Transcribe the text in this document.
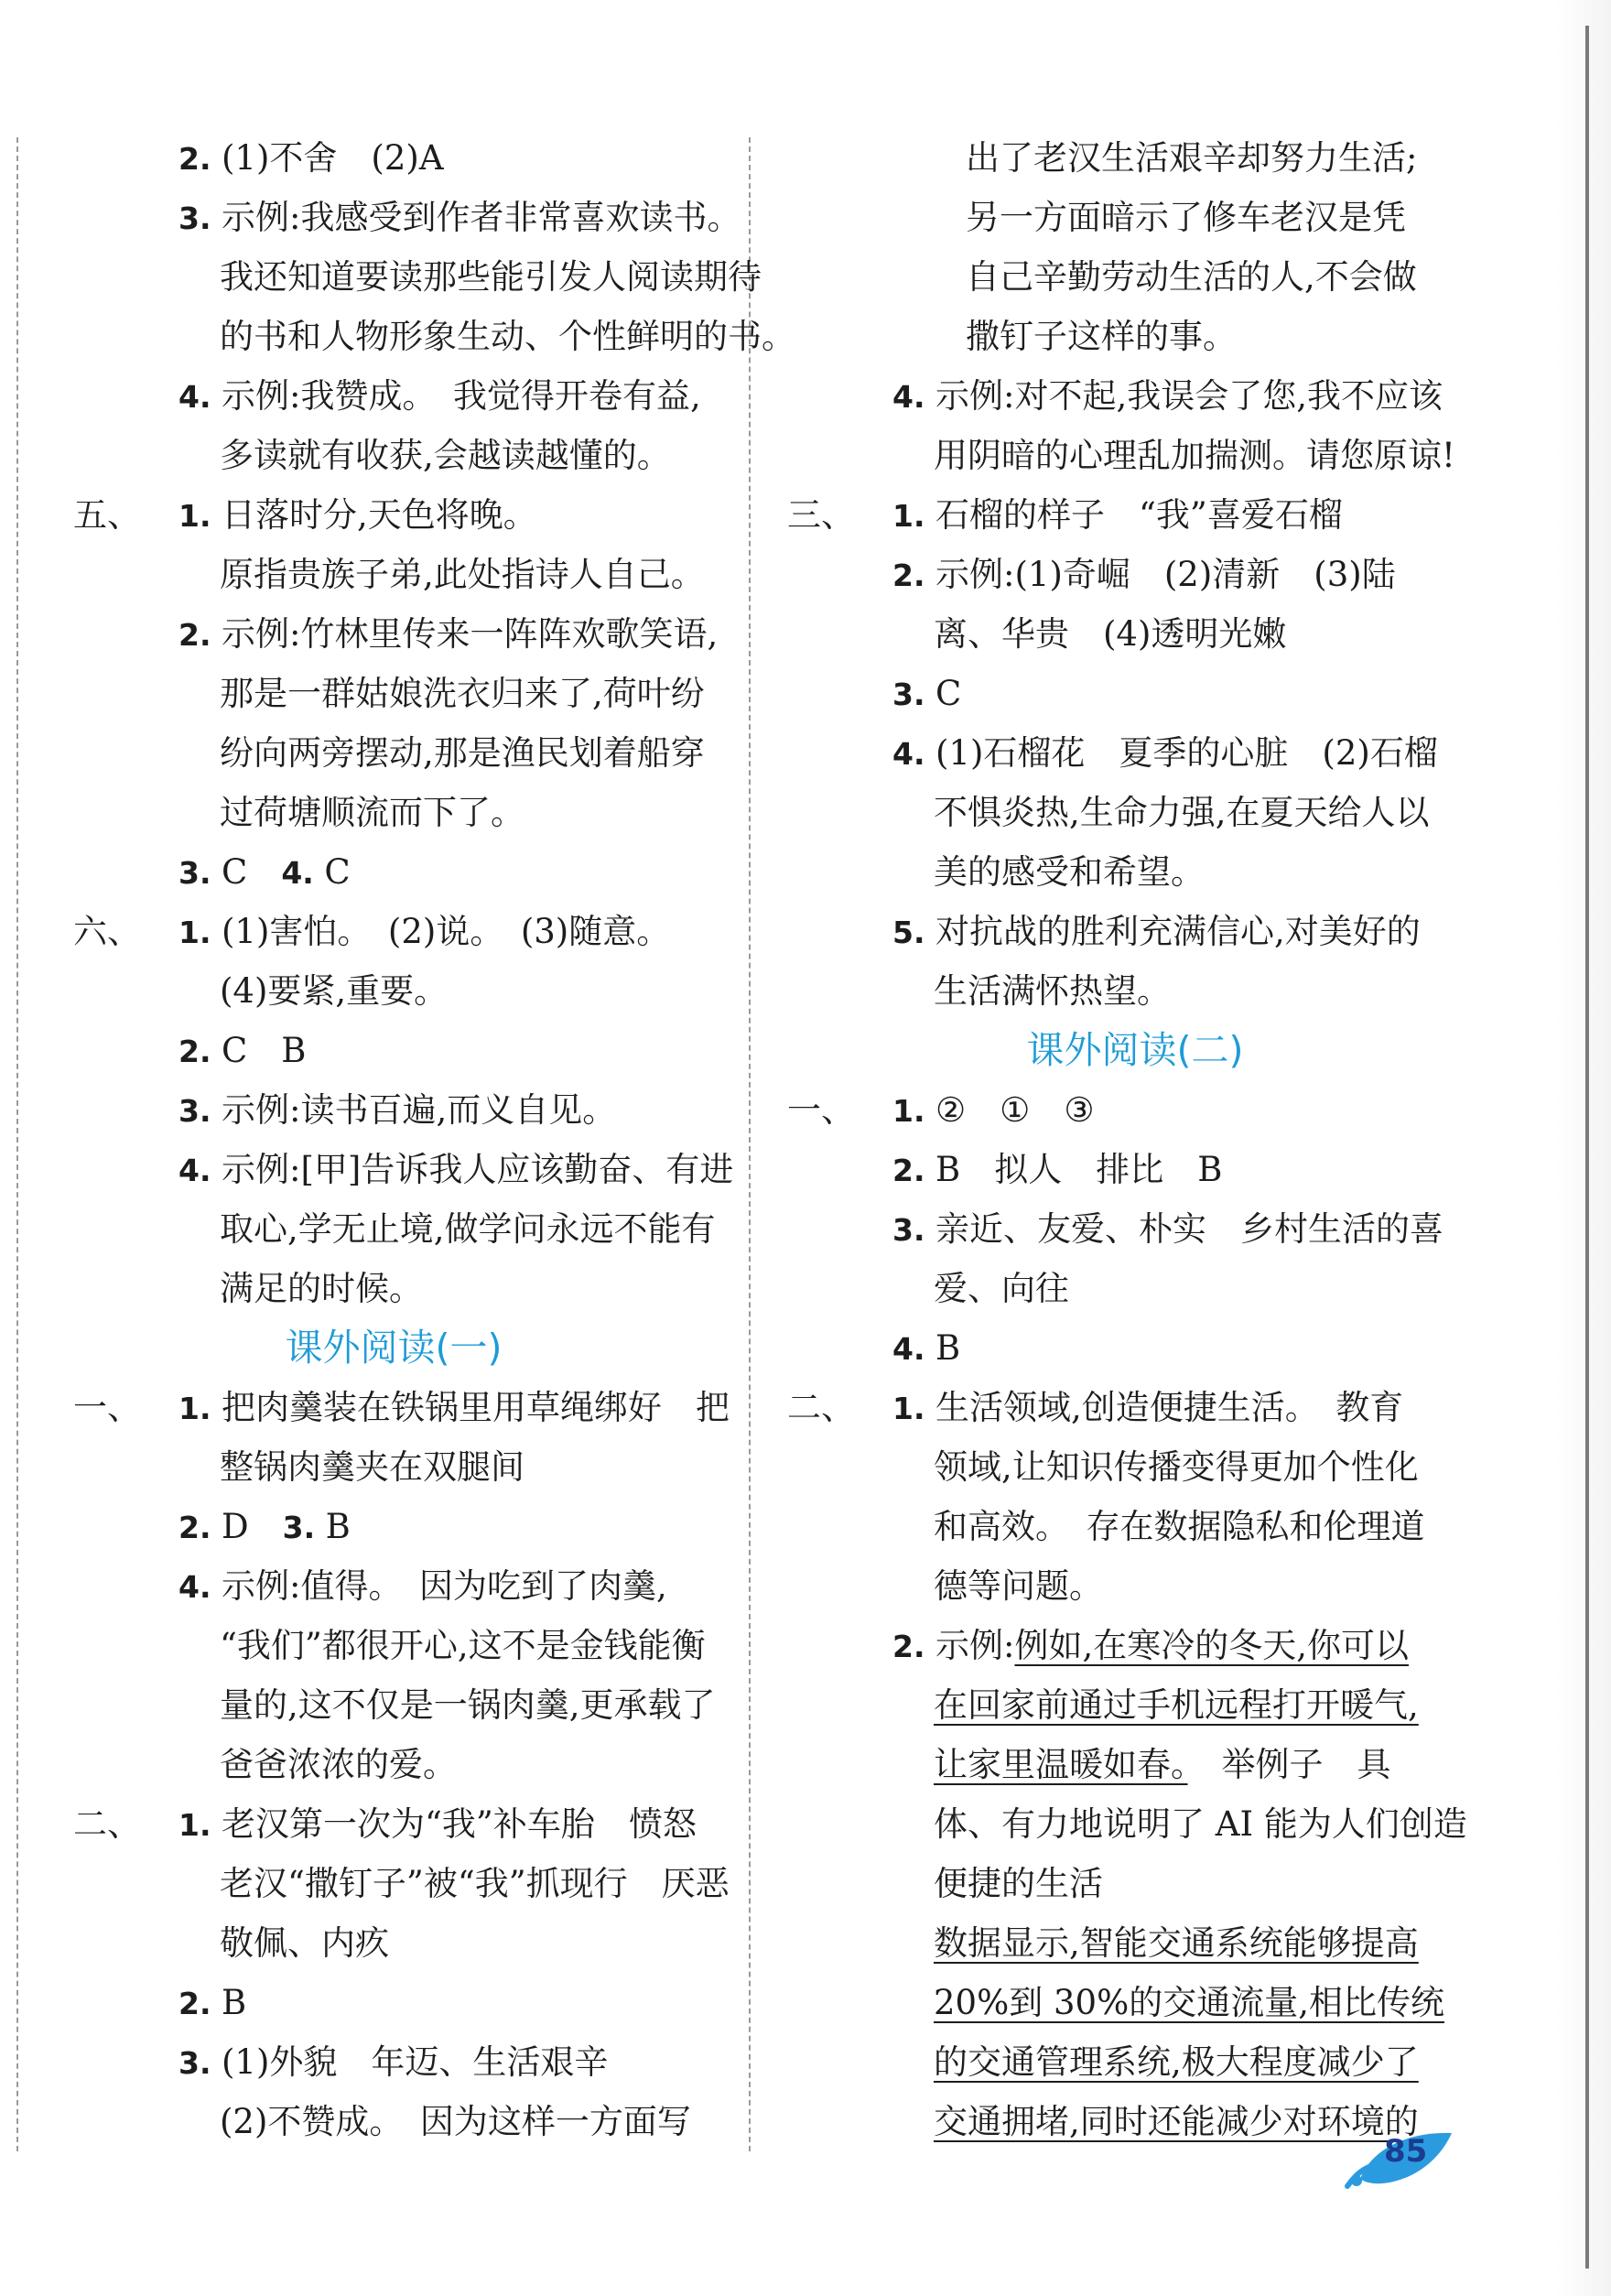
2. (1)不舍　(2)A
3. 示例:我感受到作者非常喜欢读书。
我还知道要读那些能引发人阅读期待
的书和人物形象生动、个性鲜明的书。
4. 示例:我赞成。　我觉得开卷有益,
多读就有收获,会越读越懂的。
五、 1. 日落时分,天色将晚。
原指贵族子弟,此处指诗人自己。
2. 示例:竹林里传来一阵阵欢歌笑语,
那是一群姑娘洗衣归来了,荷叶纷
纷向两旁摆动,那是渔民划着船穿
过荷塘顺流而下了。
3. C　4. C
六、 1. (1)害怕。　(2)说。　(3)随意。
(4)要紧,重要。
2. C　B
3. 示例:读书百遍,而义自见。
4. 示例:[甲]告诉我人应该勤奋、有进
取心,学无止境,做学问永远不能有
满足的时候。
课外阅读(一)
一、 1. 把肉羹装在铁锅里用草绳绑好　把
整锅肉羹夹在双腿间
2. D　3. B
4. 示例:值得。　因为吃到了肉羹,
“我们”都很开心,这不是金钱能衡
量的,这不仅是一锅肉羹,更承载了
爸爸浓浓的爱。
二、 1. 老汉第一次为“我”补车胎　愤怒
老汉“撒钉子”被“我”抓现行　厌恶
敬佩、内疚
2. B
3. (1)外貌　年迈、生活艰辛
(2)不赞成。　因为这样一方面写
出了老汉生活艰辛却努力生活;
另一方面暗示了修车老汉是凭
自己辛勤劳动生活的人,不会做
撒钉子这样的事。
4. 示例:对不起,我误会了您,我不应该
用阴暗的心理乱加揣测。请您原谅!
三、 1. 石榴的样子　“我”喜爱石榴
2. 示例:(1)奇崛　(2)清新　(3)陆
离、华贵　(4)透明光嫩
3. C
4. (1)石榴花　夏季的心脏　(2)石榴
不惧炎热,生命力强,在夏天给人以
美的感受和希望。
5. 对抗战的胜利充满信心,对美好的
生活满怀热望。
课外阅读(二)
一、 1. ②　①　③
2. B　拟人　排比　B
3. 亲近、友爱、朴实　乡村生活的喜
爱、向往
4. B
二、 1. 生活领域,创造便捷生活。　教育
领域,让知识传播变得更加个性化
和高效。　存在数据隐私和伦理道
德等问题。
2. 示例:例如,在寒冷的冬天,你可以
在回家前通过手机远程打开暖气,
让家里温暖如春。　举例子　具
体、有力地说明了 AI 能为人们创造
便捷的生活
数据显示,智能交通系统能够提高
20%到 30%的交通流量,相比传统
的交通管理系统,极大程度减少了
交通拥堵,同时还能减少对环境的
85
